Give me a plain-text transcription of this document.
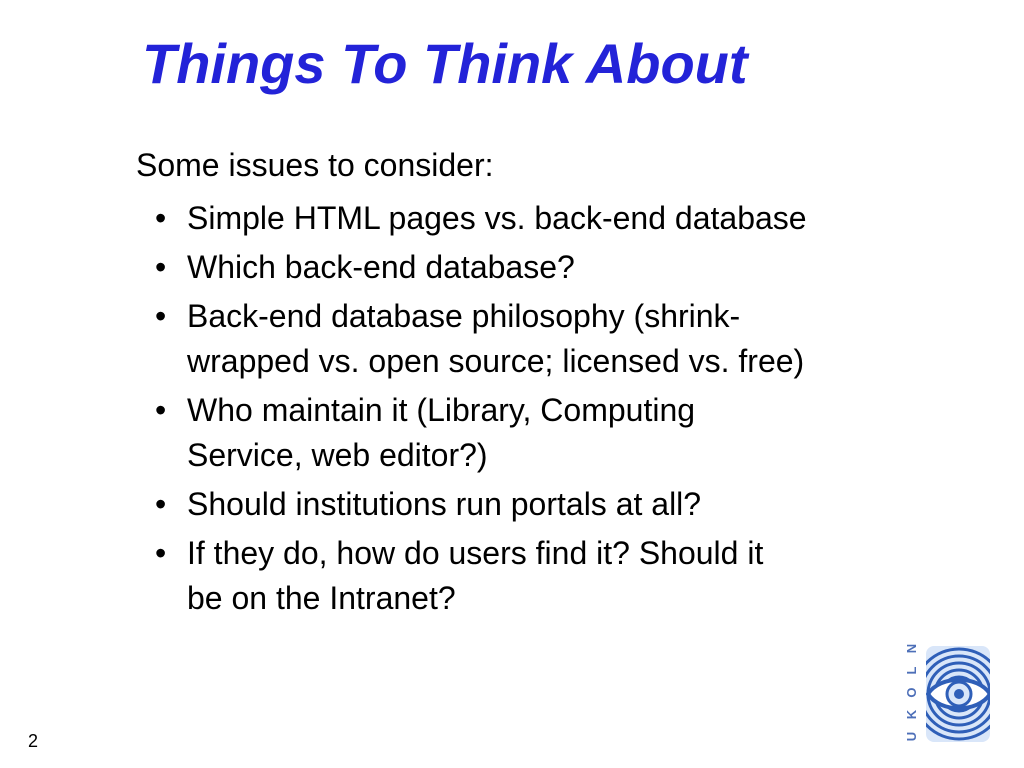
Things To Think About
Some issues to consider:
• Simple HTML pages vs. back-end database
• Which back-end database?
• Back-end database philosophy (shrink-
wrapped vs. open source; licensed vs. free)
• Who maintain it (Library, Computing
Service, web editor?)
• Should institutions run portals at all?
• If they do, how do users find it? Should it
be on the Intranet?
2	U
K
O
L
N
